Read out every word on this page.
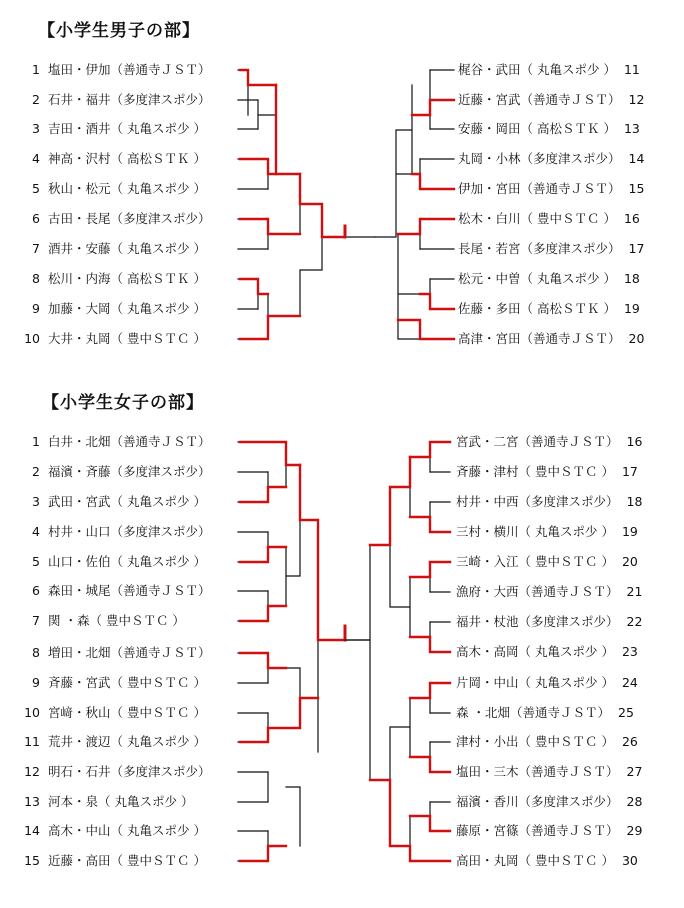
【小学生男子の部】
1 塩田・伊加（善通寺ＪＳＴ）
2 石井・福井（多度津スポ少）
3 吉田・酒井（ 丸亀スポ少 ）
4 神高・沢村（ 高松ＳＴＫ ）
5 秋山・松元（ 丸亀スポ少 ）
6 古田・長尾（多度津スポ少）
7 酒井・安藤（ 丸亀スポ少 ）
8 松川・内海（ 高松ＳＴＫ ）
9 加藤・大岡（ 丸亀スポ少 ）
10 大井・丸岡（ 豊中ＳＴＣ ）
梶谷・武田（ 丸亀スポ少 ） 11
近藤・宮武（善通寺ＪＳＴ） 12
安藤・岡田（ 高松ＳＴＫ ） 13
丸岡・小林（多度津スポ少） 14
伊加・宮田（善通寺ＪＳＴ） 15
松木・白川（ 豊中ＳＴＣ ） 16
長尾・若宮（多度津スポ少） 17
松元・中曽（ 丸亀スポ少 ） 18
佐藤・多田（ 高松ＳＴＫ ） 19
高津・宮田（善通寺ＪＳＴ） 20
【小学生女子の部】
1 白井・北畑（善通寺ＪＳＴ）
2 福濱・斉藤（多度津スポ少）
3 武田・宮武（ 丸亀スポ少 ）
4 村井・山口（多度津スポ少）
5 山口・佐伯（ 丸亀スポ少 ）
6 森田・城尾（善通寺ＪＳＴ）
7 関 ・森（ 豊中ＳＴＣ ）
8 増田・北畑（善通寺ＪＳＴ）
9 斉藤・宮武（ 豊中ＳＴＣ ）
10 宮﨑・秋山（ 豊中ＳＴＣ ）
11 荒井・渡辺（ 丸亀スポ少 ）
12 明石・石井（多度津スポ少）
13 河本・泉（ 丸亀スポ少 ）
14 高木・中山（ 丸亀スポ少 ）
15 近藤・高田（ 豊中ＳＴＣ ）
宮武・二宮（善通寺ＪＳＴ） 16
斉藤・津村（ 豊中ＳＴＣ ） 17
村井・中西（多度津スポ少） 18
三村・横川（ 丸亀スポ少 ） 19
三崎・入江（ 豊中ＳＴＣ ） 20
漁府・大西（善通寺ＪＳＴ） 21
福井・杖池（多度津スポ少） 22
高木・高岡（ 丸亀スポ少 ） 23
片岡・中山（ 丸亀スポ少 ） 24
森 ・北畑（善通寺ＪＳＴ） 25
津村・小出（ 豊中ＳＴＣ ） 26
塩田・三木（善通寺ＪＳＴ） 27
福濱・香川（多度津スポ少） 28
藤原・宮篠（善通寺ＪＳＴ） 29
高田・丸岡（ 豊中ＳＴＣ ） 30
